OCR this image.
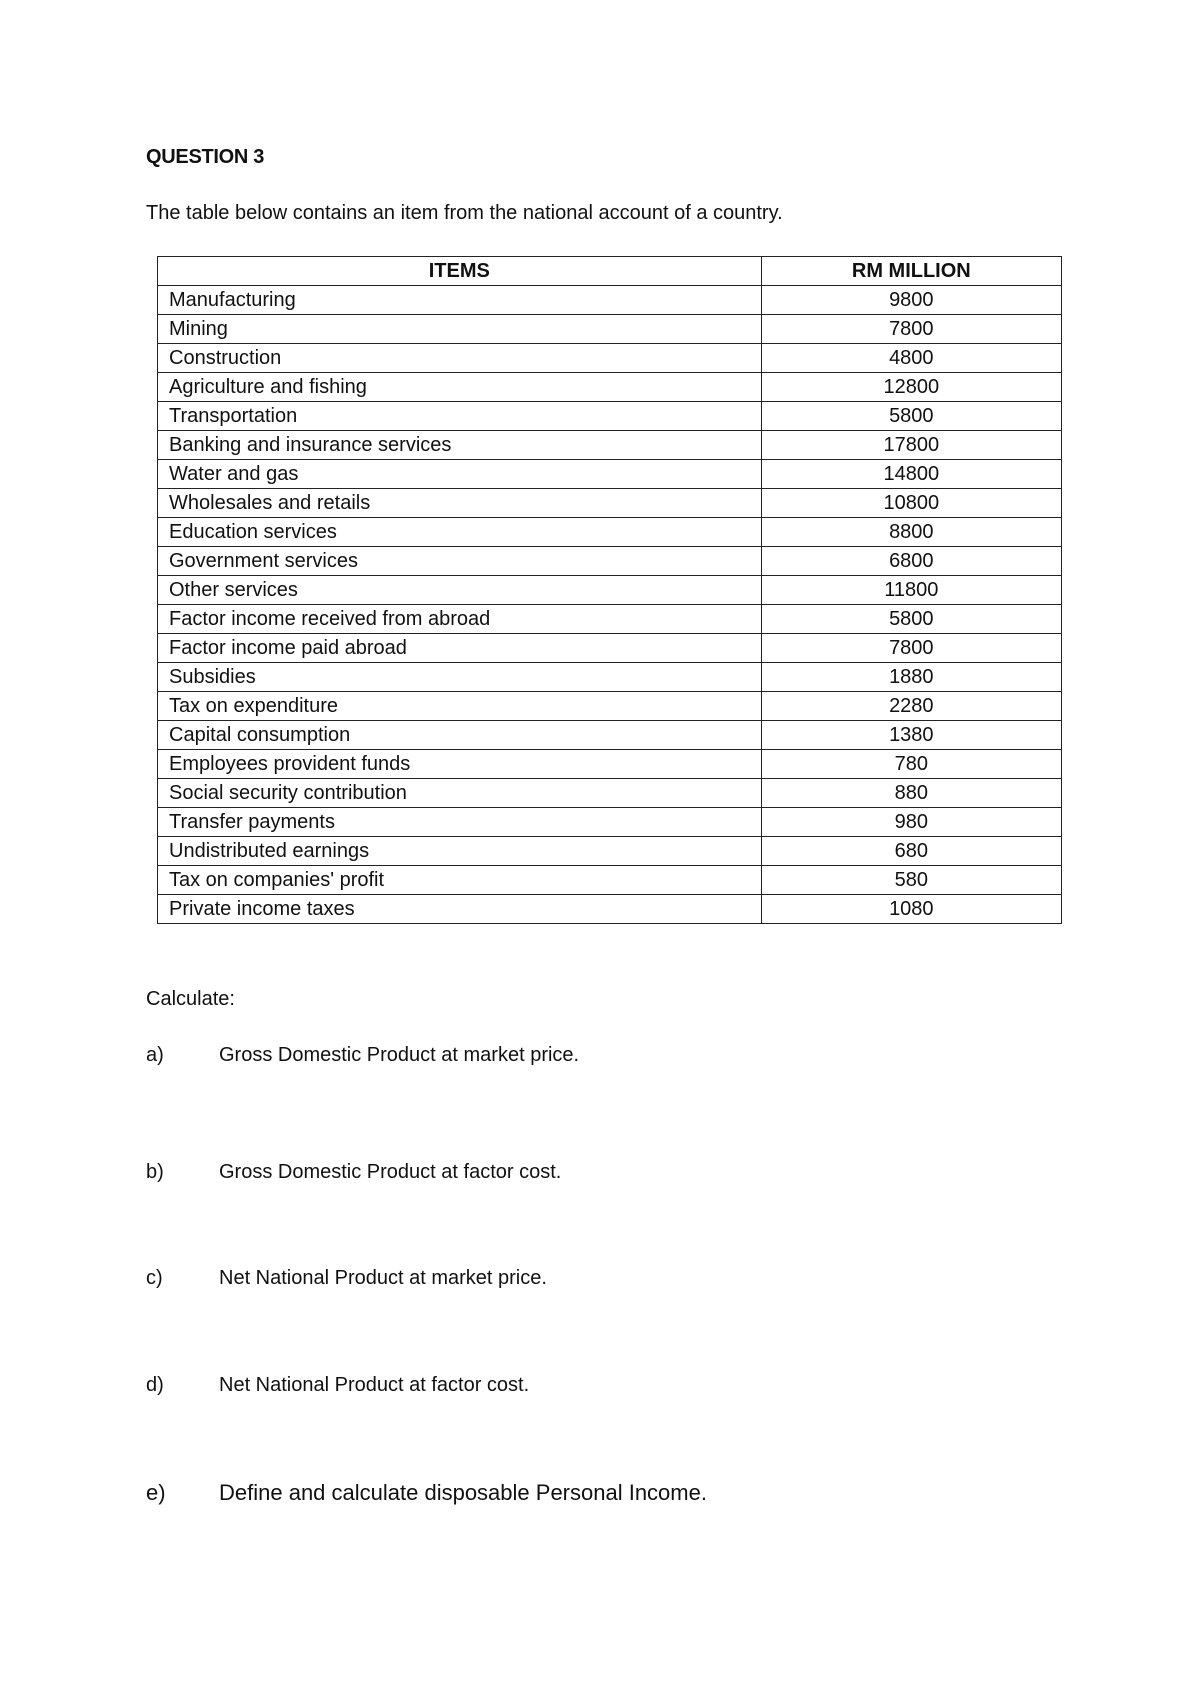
QUESTION 3
The table below contains an item from the national account of a country.
ITEMS	RM MILLION
Manufacturing	9800
Mining	7800
Construction	4800
Agriculture and fishing	12800
Transportation	5800
Banking and insurance services	17800
Water and gas	14800
Wholesales and retails	10800
Education services	8800
Government services	6800
Other services	11800
Factor income received from abroad	5800
Factor income paid abroad	7800
Subsidies	1880
Tax on expenditure	2280
Capital consumption	1380
Employees provident funds	780
Social security contribution	880
Transfer payments	980
Undistributed earnings	680
Tax on companies' profit	580
Private income taxes	1080
Calculate:
a)	Gross Domestic Product at market price.
b)	Gross Domestic Product at factor cost.
c)	Net National Product at market price.
d)	Net National Product at factor cost.
e) Define and calculate disposable Personal Income.
